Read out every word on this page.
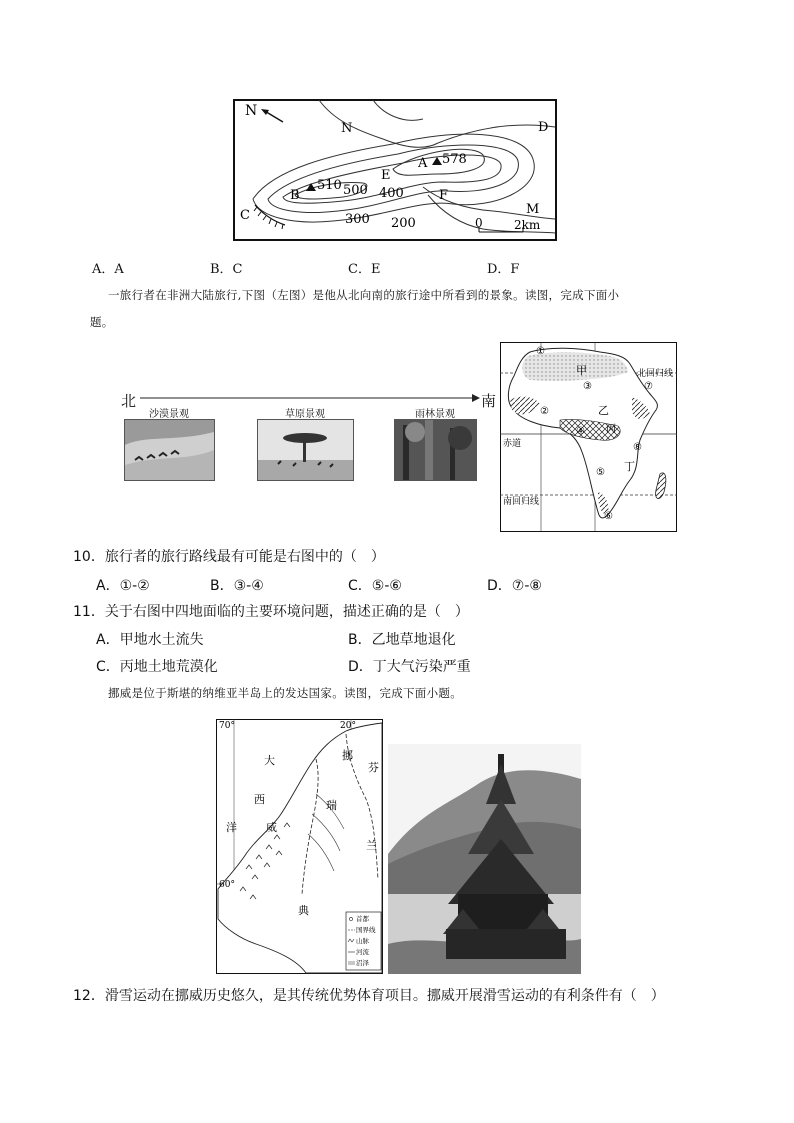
N
N	D
A 578
E
B
510 500 400	F
C	300 200
M
0	2km
A．A	B．C	C．E	D．F
一旅行者在非洲大陆旅行,下图（左图）是他从北向南的旅行途中所看到的景象。读图，完成下面小
题。
北	南
沙漠景观	草原景观	雨林景观
北回归线
赤道
南回归线
甲
乙
丙
丁
①
②
③
④
⑤
⑥
⑦
⑧
10．旅行者的旅行路线最有可能是右图中的（　）
A．①-②	B．③-④	C．⑤-⑥	D．⑦-⑧
11．关于右图中四地面临的主要环境问题，描述正确的是（　）
A．甲地水土流失	B．乙地草地退化
C．丙地土地荒漠化	D．丁大气污染严重
挪威是位于斯堪的纳维亚半岛上的发达国家。读图，完成下面小题。
70°	20°
60°
大
西
洋
挪
威
瑞
典
芬
兰
首都
国界线
山脉
河流
沼泽
12．滑雪运动在挪威历史悠久，是其传统优势体育项目。挪威开展滑雪运动的有利条件有（　）
